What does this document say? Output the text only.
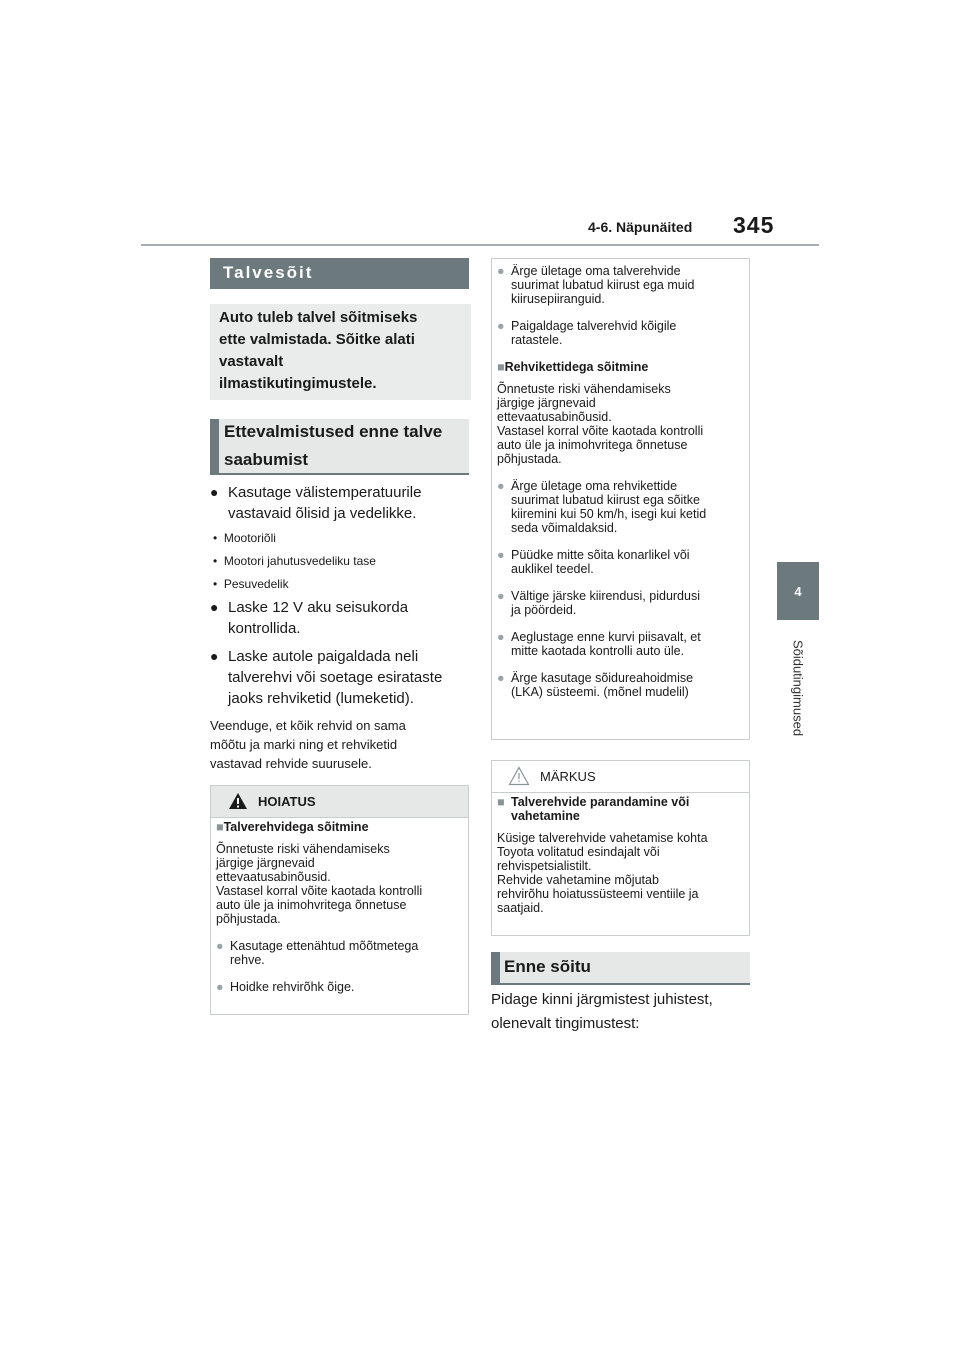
4-6. Näpunäited 345
4
Sõidutingimused
Talvesõit
Auto tuleb talvel sõitmiseks
ette valmistada. Sõitke alati
vastavalt
ilmastikutingimustele.
Ettevalmistused enne talve
saabumist
● Kasutage välistemperatuurile
vastavaid õlisid ja vedelikke.
•  Mootoriõli
•  Mootori jahutusvedeliku tase
•  Pesuvedelik
● Laske 12 V aku seisukorda
kontrollida.
● Laske autole paigaldada neli
talverehvi või soetage esirataste
jaoks rehviketid (lumeketid).
Veenduge, et kõik rehvid on sama
mõõtu ja marki ning et rehviketid
vastavad rehvide suurusele.
HOIATUS
■Talverehvidega sõitmine
Õnnetuste riski vähendamiseks
järgige järgnevaid
ettevaatusabinõusid.
Vastasel korral võite kaotada kontrolli
auto üle ja inimohvritega õnnetuse
põhjustada.
● Kasutage ettenähtud mõõtmetega
rehve.
● Hoidke rehvirõhk õige.
● Ärge ületage oma talverehvide
suurimat lubatud kiirust ega muid
kiirusepiiranguid.
● Paigaldage talverehvid kõigile
ratastele.
■Rehvikettidega sõitmine
Õnnetuste riski vähendamiseks
järgige järgnevaid
ettevaatusabinõusid.
Vastasel korral võite kaotada kontrolli
auto üle ja inimohvritega õnnetuse
põhjustada.
● Ärge ületage oma rehvikettide
suurimat lubatud kiirust ega sõitke
kiiremini kui 50 km/h, isegi kui ketid
seda võimaldaksid.
● Püüdke mitte sõita konarlikel või
auklikel teedel.
● Vältige järske kiirendusi, pidurdusi
ja pöördeid.
● Aeglustage enne kurvi piisavalt, et
mitte kaotada kontrolli auto üle.
● Ärge kasutage sõidureahoidmise
(LKA) süsteemi. (mõnel mudelil)
MÄRKUS
■ Talverehvide parandamine või
vahetamine
Küsige talverehvide vahetamise kohta
Toyota volitatud esindajalt või
rehvispetsialistilt.
Rehvide vahetamine mõjutab
rehvirõhu hoiatussüsteemi ventiile ja
saatjaid.
Enne sõitu
Pidage kinni järgmistest juhistest,
olenevalt tingimustest:
